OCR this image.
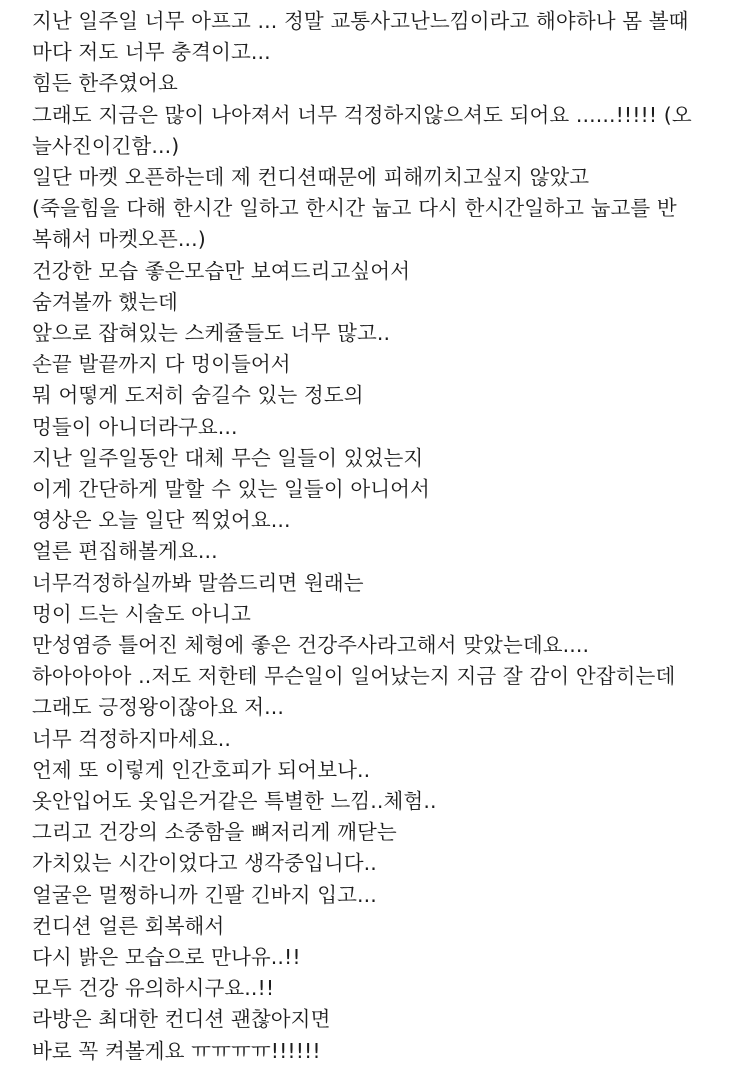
지난 일주일 너무 아프고 ... 정말 교통사고난느낌이라고 해야하나 몸 볼때
마다 저도 너무 충격이고...
힘든 한주였어요
그래도 지금은 많이 나아져서 너무 걱정하지않으셔도 되어요 ......!!!!! (오
늘사진이긴함...)
일단 마켓 오픈하는데 제 컨디션때문에 피해끼치고싶지 않았고
(죽을힘을 다해 한시간 일하고 한시간 눕고 다시 한시간일하고 눕고를 반
복해서 마켓오픈...)
건강한 모습 좋은모습만 보여드리고싶어서
숨겨볼까 했는데
앞으로 잡혀있는 스케쥴들도 너무 많고..
손끝 발끝까지 다 멍이들어서
뭐 어떻게 도저히 숨길수 있는 정도의
멍들이 아니더라구요...
지난 일주일동안 대체 무슨 일들이 있었는지
이게 간단하게 말할 수 있는 일들이 아니어서
영상은 오늘 일단 찍었어요...
얼른 편집해볼게요...
너무걱정하실까봐 말씀드리면 원래는
멍이 드는 시술도 아니고
만성염증 틀어진 체형에 좋은 건강주사라고해서 맞았는데요....
하아아아아 ..저도 저한테 무슨일이 일어났는지 지금 잘 감이 안잡히는데
그래도 긍정왕이잖아요 저...
너무 걱정하지마세요..
언제 또 이렇게 인간호피가 되어보나..
옷안입어도 옷입은거같은 특별한 느낌..체험..
그리고 건강의 소중함을 뼈저리게 깨닫는
가치있는 시간이었다고 생각중입니다..
얼굴은 멀쩡하니까 긴팔 긴바지 입고...
컨디션 얼른 회복해서
다시 밝은 모습으로 만나유..!!
모두 건강 유의하시구요..!!
라방은 최대한 컨디션 괜찮아지면
바로 꼭 켜볼게요 ㅠㅠㅠㅠ!!!!!!
